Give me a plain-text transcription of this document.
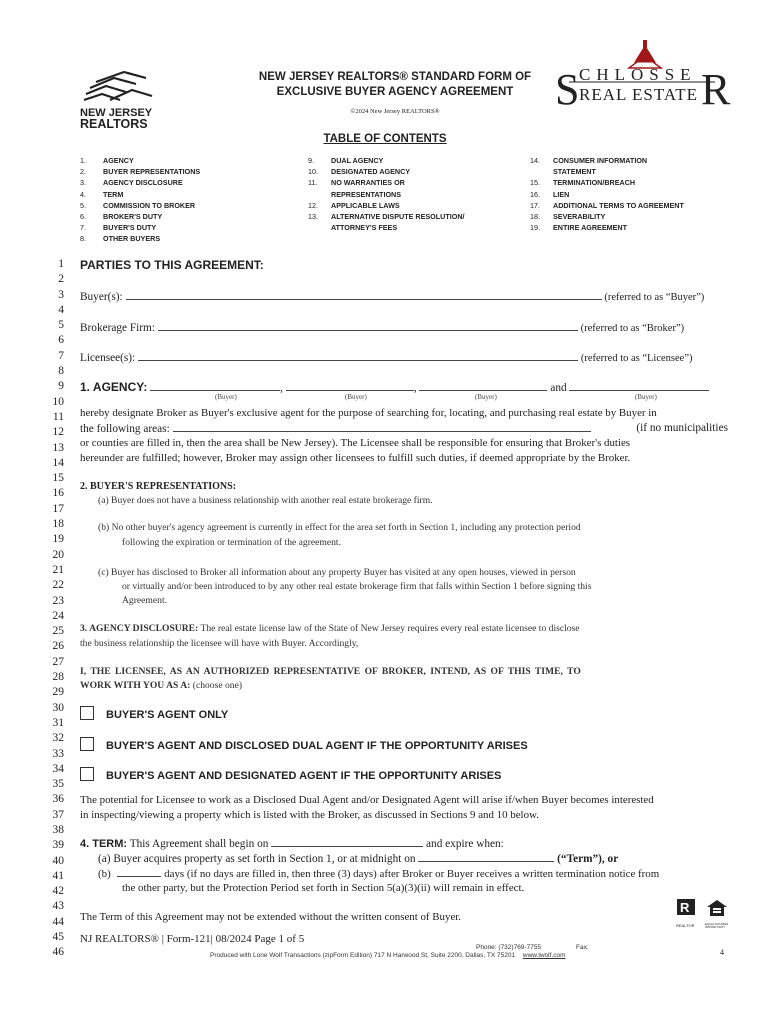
NEW JERSEY
REALTORS
NEW JERSEY REALTORS® STANDARD FORM OF
EXCLUSIVE BUYER AGENCY AGREEMENT
©2024 New Jersey REALTORS®	S CHLOSSE
REAL ESTATE R
TABLE OF CONTENTS
1. AGENCY
2. BUYER REPRESENTATIONS
3. AGENCY DISCLOSURE
4. TERM
5. COMMISSION TO BROKER
6. BROKER'S DUTY
7. BUYER'S DUTY
8. OTHER BUYERS
9. DUAL AGENCY
10. DESIGNATED AGENCY
11. NO WARRANTIES OR
REPRESENTATIONS
12. APPLICABLE LAWS
13. ALTERNATIVE DISPUTE RESOLUTION/
ATTORNEY'S FEES
14. CONSUMER INFORMATION
STATEMENT
15. TERMINATION/BREACH
16. LIEN
17. ADDITIONAL TERMS TO AGREEMENT
18. SEVERABILITY
19. ENTIRE AGREEMENT
1
2
3
4
5
6
7
8
9
10
11
12
13
14
15
16
17
18
19
20
21
22
23
24
25
26
27
28
29
30
31
32
33
34
35
36
37
38
39
40
41
42
43
44
45
46
PARTIES TO THIS AGREEMENT:
Buyer(s):	(referred to as “Buyer”)
Brokerage Firm:	(referred to as “Broker”)
Licensee(s):	(referred to as “Licensee”)
1. AGENCY:	,	,	and
(Buyer)	(Buyer)	(Buyer)	(Buyer)
hereby designate Broker as Buyer's exclusive agent for the purpose of searching for, locating, and purchasing real estate by Buyer in
the following areas:	(if no municipalities
or counties are filled in, then the area shall be New Jersey). The Licensee shall be responsible for ensuring that Broker's duties
hereunder are fulfilled; however, Broker may assign other licensees to fulfill such duties, if deemed appropriate by the Broker.
2. BUYER'S REPRESENTATIONS:
(a) Buyer does not have a business relationship with another real estate brokerage firm.
(b) No other buyer's agency agreement is currently in effect for the area set forth in Section 1, including any protection period
following the expiration or termination of the agreement.
(c) Buyer has disclosed to Broker all information about any property Buyer has visited at any open houses, viewed in person
or virtually and/or been introduced to by any other real estate brokerage firm that falls within Section 1 before signing this
Agreement.
3. AGENCY DISCLOSURE: The real estate license law of the State of New Jersey requires every real estate licensee to disclose
the business relationship the licensee will have with Buyer. Accordingly,
I, THE LICENSEE, AS AN AUTHORIZED REPRESENTATIVE OF BROKER, INTEND, AS OF THIS TIME, TO
WORK WITH YOU AS A: (choose one)
BUYER'S AGENT ONLY
BUYER'S AGENT AND DISCLOSED DUAL AGENT IF THE OPPORTUNITY ARISES
BUYER'S AGENT AND DESIGNATED AGENT IF THE OPPORTUNITY ARISES
The potential for Licensee to work as a Disclosed Dual Agent and/or Designated Agent will arise if/when Buyer becomes interested
in inspecting/viewing a property which is listed with the Broker, as discussed in Sections 9 and 10 below.
4. TERM: This Agreement shall begin on	and expire when:
(a) Buyer acquires property as set forth in Section 1, or at midnight on	(“Term”), or
(b)	days (if no days are filled in, then three (3) days) after Broker or Buyer receives a written termination notice from
the other party, but the Protection Period set forth in Section 5(a)(3)(ii) will remain in effect.
The Term of this Agreement may not be extended without the written consent of Buyer.
R
REALTOR	EQUAL HOUSING OPPORTUNITY
NJ REALTORS® | Form-121| 08/2024 Page 1 of 5
Phone: (732)769-7755	Fax:
Produced with Lone Wolf Transactions (zipForm Edition) 717 N Harwood St, Suite 2200, Dallas, TX 75201 www.lwolf.com	4
